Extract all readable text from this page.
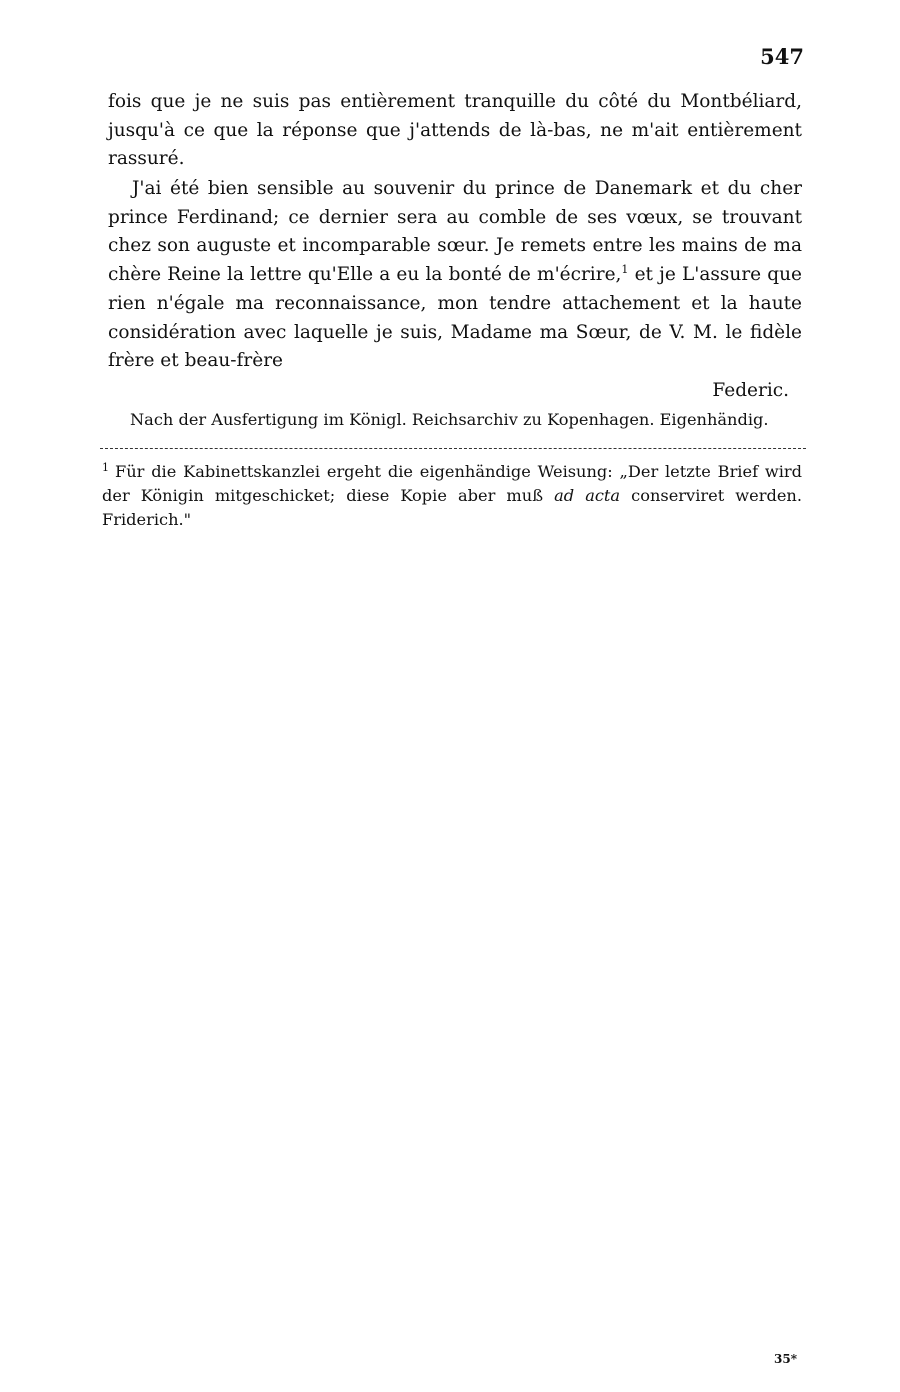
547
fois que je ne suis pas entièrement tranquille du côté du Montbéliard, jusqu'à ce que la réponse que j'attends de là-bas, ne m'ait entièrement rassuré.
J'ai été bien sensible au souvenir du prince de Danemark et du cher prince Ferdinand; ce dernier sera au comble de ses vœux, se trouvant chez son auguste et incomparable sœur. Je remets entre les mains de ma chère Reine la lettre qu'Elle a eu la bonté de m'écrire,$^1$ et je L'assure que rien n'égale ma reconnaissance, mon tendre attachement et la haute considération avec laquelle je suis, Madame ma Sœur, de V. M. le fidèle frère et beau-frère
Federic.
Nach der Ausfertigung im Königl. Reichsarchiv zu Kopenhagen. Eigenhändig.
$^1$ Für die Kabinettskanzlei ergeht die eigenhändige Weisung: „Der letzte Brief wird der Königin mitgeschicket; diese Kopie aber muß ad acta conserviret werden. Friderich."
35*
